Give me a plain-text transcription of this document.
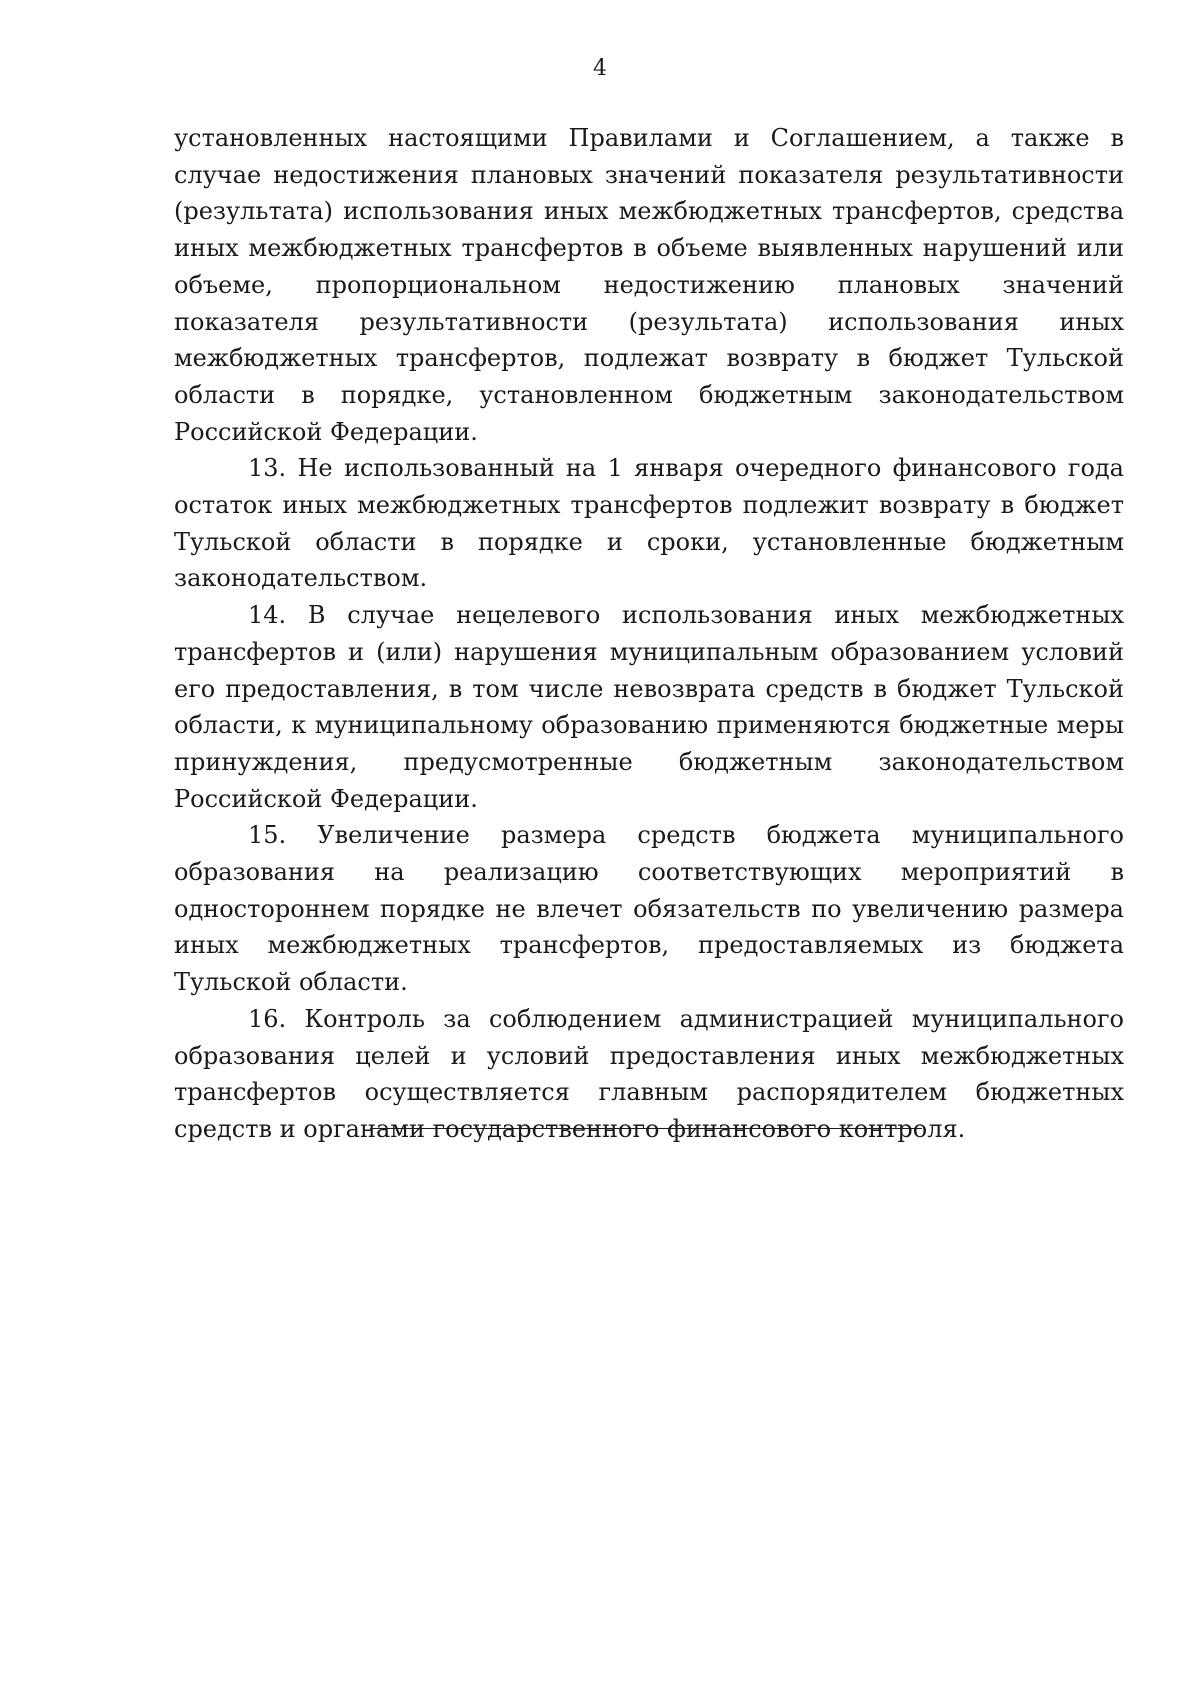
4

установленных настоящими Правилами и Соглашением, а также в случае недостижения плановых значений показателя результативности (результата) использования иных межбюджетных трансфертов, средства иных межбюджетных трансфертов в объеме выявленных нарушений или объеме, пропорциональном недостижению плановых значений показателя результативности (результата) использования иных межбюджетных трансфертов, подлежат возврату в бюджет Тульской области в порядке, установленном бюджетным законодательством Российской Федерации.

13. Не использованный на 1 января очередного финансового года остаток иных межбюджетных трансфертов подлежит возврату в бюджет Тульской области в порядке и сроки, установленные бюджетным законодательством.

14. В случае нецелевого использования иных межбюджетных трансфертов и (или) нарушения муниципальным образованием условий его предоставления, в том числе невозврата средств в бюджет Тульской области, к муниципальному образованию применяются бюджетные меры принуждения, предусмотренные бюджетным законодательством Российской Федерации.

15. Увеличение размера средств бюджета муниципального образования на реализацию соответствующих мероприятий в одностороннем порядке не влечет обязательств по увеличению размера иных межбюджетных трансфертов, предоставляемых из бюджета Тульской области.

16. Контроль за соблюдением администрацией муниципального образования целей и условий предоставления иных межбюджетных трансфертов осуществляется главным распорядителем бюджетных средств и органами государственного финансового контроля.
